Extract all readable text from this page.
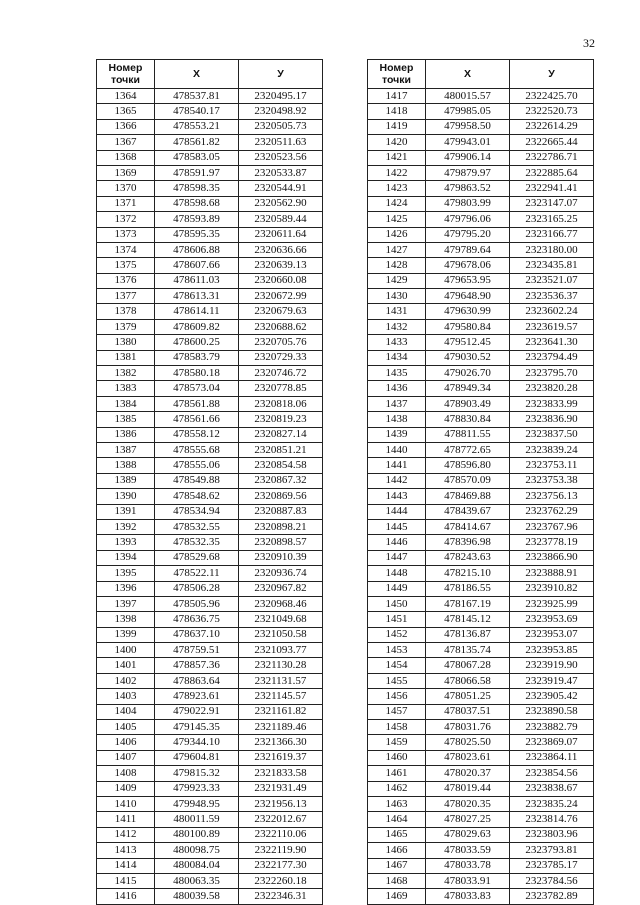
32
Номер точки	X	У
1364	478537.81	2320495.17
1365	478540.17	2320498.92
1366	478553.21	2320505.73
1367	478561.82	2320511.63
1368	478583.05	2320523.56
1369	478591.97	2320533.87
1370	478598.35	2320544.91
1371	478598.68	2320562.90
1372	478593.89	2320589.44
1373	478595.35	2320611.64
1374	478606.88	2320636.66
1375	478607.66	2320639.13
1376	478611.03	2320660.08
1377	478613.31	2320672.99
1378	478614.11	2320679.63
1379	478609.82	2320688.62
1380	478600.25	2320705.76
1381	478583.79	2320729.33
1382	478580.18	2320746.72
1383	478573.04	2320778.85
1384	478561.88	2320818.06
1385	478561.66	2320819.23
1386	478558.12	2320827.14
1387	478555.68	2320851.21
1388	478555.06	2320854.58
1389	478549.88	2320867.32
1390	478548.62	2320869.56
1391	478534.94	2320887.83
1392	478532.55	2320898.21
1393	478532.35	2320898.57
1394	478529.68	2320910.39
1395	478522.11	2320936.74
1396	478506.28	2320967.82
1397	478505.96	2320968.46
1398	478636.75	2321049.68
1399	478637.10	2321050.58
1400	478759.51	2321093.77
1401	478857.36	2321130.28
1402	478863.64	2321131.57
1403	478923.61	2321145.57
1404	479022.91	2321161.82
1405	479145.35	2321189.46
1406	479344.10	2321366.30
1407	479604.81	2321619.37
1408	479815.32	2321833.58
1409	479923.33	2321931.49
1410	479948.95	2321956.13
1411	480011.59	2322012.67
1412	480100.89	2322110.06
1413	480098.75	2322119.90
1414	480084.04	2322177.30
1415	480063.35	2322260.18
1416	480039.58	2322346.31
Номер точки	X	У
1417	480015.57	2322425.70
1418	479985.05	2322520.73
1419	479958.50	2322614.29
1420	479943.01	2322665.44
1421	479906.14	2322786.71
1422	479879.97	2322885.64
1423	479863.52	2322941.41
1424	479803.99	2323147.07
1425	479796.06	2323165.25
1426	479795.20	2323166.77
1427	479789.64	2323180.00
1428	479678.06	2323435.81
1429	479653.95	2323521.07
1430	479648.90	2323536.37
1431	479630.99	2323602.24
1432	479580.84	2323619.57
1433	479512.45	2323641.30
1434	479030.52	2323794.49
1435	479026.70	2323795.70
1436	478949.34	2323820.28
1437	478903.49	2323833.99
1438	478830.84	2323836.90
1439	478811.55	2323837.50
1440	478772.65	2323839.24
1441	478596.80	2323753.11
1442	478570.09	2323753.38
1443	478469.88	2323756.13
1444	478439.67	2323762.29
1445	478414.67	2323767.96
1446	478396.98	2323778.19
1447	478243.63	2323866.90
1448	478215.10	2323888.91
1449	478186.55	2323910.82
1450	478167.19	2323925.99
1451	478145.12	2323953.69
1452	478136.87	2323953.07
1453	478135.74	2323953.85
1454	478067.28	2323919.90
1455	478066.58	2323919.47
1456	478051.25	2323905.42
1457	478037.51	2323890.58
1458	478031.76	2323882.79
1459	478025.50	2323869.07
1460	478023.61	2323864.11
1461	478020.37	2323854.56
1462	478019.44	2323838.67
1463	478020.35	2323835.24
1464	478027.25	2323814.76
1465	478029.63	2323803.96
1466	478033.59	2323793.81
1467	478033.78	2323785.17
1468	478033.91	2323784.56
1469	478033.83	2323782.89
